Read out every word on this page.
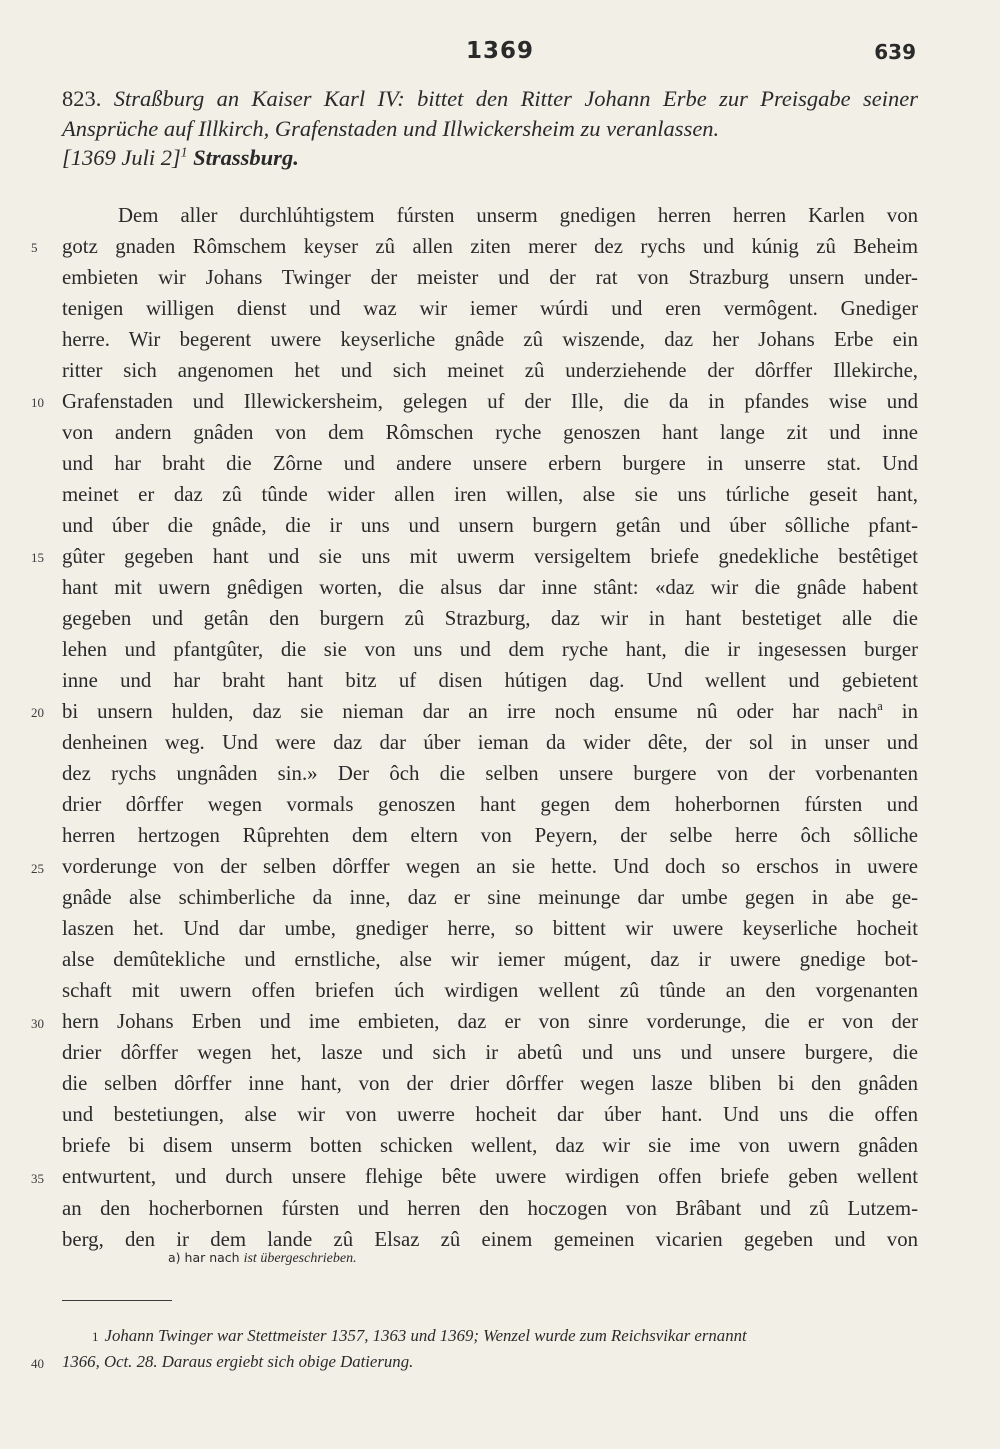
1369	639
823. Straßburg an Kaiser Karl IV: bittet den Ritter Johann Erbe zur Preisgabe seiner Ansprüche auf Illkirch, Grafenstaden und Illwickersheim zu veranlassen.
[1369 Juli 2]$^1$ Strassburg.
Dem aller durchlúhtigstem fúrsten unserm gnedigen herren herren Karlen von
gotz gnaden Rômschem keyser zû allen ziten merer dez rychs und kúnig zû Beheim
embieten wir Johans Twinger der meister und der rat von Strazburg unsern under-
tenigen willigen dienst und waz wir iemer wúrdi und eren vermôgent. Gnediger
herre. Wir begerent uwere keyserliche gnâde zû wiszende, daz her Johans Erbe ein
ritter sich angenomen het und sich meinet zû underziehende der dôrffer Illekirche,
Grafenstaden und Illewickersheim, gelegen uf der Ille, die da in pfandes wise und
von andern gnâden von dem Rômschen ryche genoszen hant lange zit und inne
und har braht die Zôrne und andere unsere erbern burgere in unserre stat. Und
meinet er daz zû tûnde wider allen iren willen, alse sie uns túrliche geseit hant,
und úber die gnâde, die ir uns und unsern burgern getân und úber sôlliche pfant-
gûter gegeben hant und sie uns mit uwerm versigeltem briefe gnedekliche bestêtiget
hant mit uwern gnêdigen worten, die alsus dar inne stânt: «daz wir die gnâde habent
gegeben und getân den burgern zû Strazburg, daz wir in hant bestetiget alle die
lehen und pfantgûter, die sie von uns und dem ryche hant, die ir ingesessen burger
inne und har braht hant bitz uf disen hútigen dag. Und wellent und gebietent
bi unsern hulden, daz sie nieman dar an irre noch ensume nû oder har nach$^a$ in
denheinen weg. Und were daz dar úber ieman da wider dête, der sol in unser und
dez rychs ungnâden sin.» Der ôch die selben unsere burgere von der vorbenanten
drier dôrffer wegen vormals genoszen hant gegen dem hoherbornen fúrsten und
herren hertzogen Rûprehten dem eltern von Peyern, der selbe herre ôch sôlliche
vorderunge von der selben dôrffer wegen an sie hette. Und doch so erschos in uwere
gnâde alse schimberliche da inne, daz er sine meinunge dar umbe gegen in abe ge-
laszen het. Und dar umbe, gnediger herre, so bittent wir uwere keyserliche hocheit
alse demûtekliche und ernstliche, alse wir iemer múgent, daz ir uwere gnedige bot-
schaft mit uwern offen briefen úch wirdigen wellent zû tûnde an den vorgenanten
hern Johans Erben und ime embieten, daz er von sinre vorderunge, die er von der
drier dôrffer wegen het, lasze und sich ir abetû und uns und unsere burgere, die
die selben dôrffer inne hant, von der drier dôrffer wegen lasze bliben bi den gnâden
und bestetiungen, alse wir von uwerre hocheit dar úber hant. Und uns die offen
briefe bi disem unserm botten schicken wellent, daz wir sie ime von uwern gnâden
entwurtent, und durch unsere flehige bête uwere wirdigen offen briefe geben wellent
an den hocherbornen fúrsten und herren den hoczogen von Brâbant und zû Lutzem-
berg, den ir dem lande zû Elsaz zû einem gemeinen vicarien gegeben und von
5
10
15
20
25
30
35
40
a) har nach ist übergeschrieben.
1 Johann Twinger war Stettmeister 1357, 1363 und 1369; Wenzel wurde zum Reichsvikar ernannt
1366, Oct. 28. Daraus ergiebt sich obige Datierung.
